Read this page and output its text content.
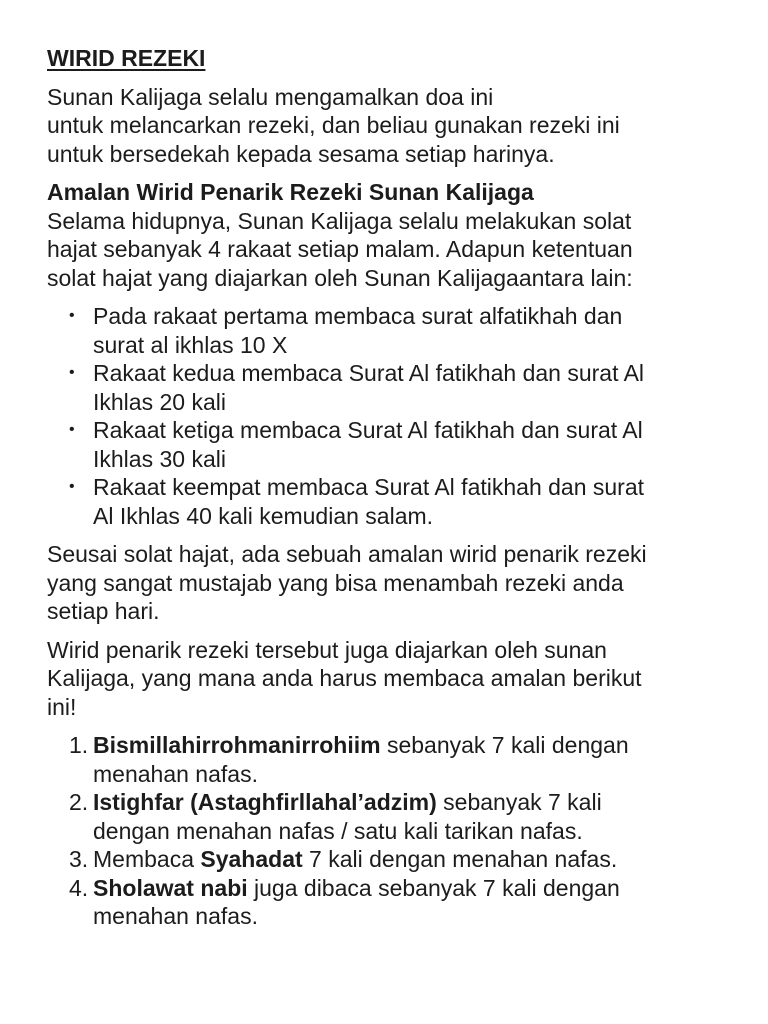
WIRID REZEKI

Sunan Kalijaga selalu mengamalkan doa ini
untuk melancarkan rezeki, dan beliau gunakan rezeki ini
untuk bersedekah kepada sesama setiap harinya.

Amalan Wirid Penarik Rezeki Sunan Kalijaga
Selama hidupnya, Sunan Kalijaga selalu melakukan solat
hajat sebanyak 4 rakaat setiap malam. Adapun ketentuan
solat hajat yang diajarkan oleh Sunan Kalijagaantara lain:

• Pada rakaat pertama membaca surat alfatikhah dan
surat al ikhlas 10 X
• Rakaat kedua membaca Surat Al fatikhah dan surat Al
Ikhlas 20 kali
• Rakaat ketiga membaca Surat Al fatikhah dan surat Al
Ikhlas 30 kali
• Rakaat keempat membaca Surat Al fatikhah dan surat
Al Ikhlas 40 kali kemudian salam.

Seusai solat hajat, ada sebuah amalan wirid penarik rezeki
yang sangat mustajab yang bisa menambah rezeki anda
setiap hari.

Wirid penarik rezeki tersebut juga diajarkan oleh sunan
Kalijaga, yang mana anda harus membaca amalan berikut
ini!

1. Bismillahirrohmanirrohiim sebanyak 7 kali dengan
menahan nafas.
2. Istighfar (Astaghfirllahal’adzim) sebanyak 7 kali
dengan menahan nafas / satu kali tarikan nafas.
3. Membaca Syahadat 7 kali dengan menahan nafas.
4. Sholawat nabi juga dibaca sebanyak 7 kali dengan
menahan nafas.
